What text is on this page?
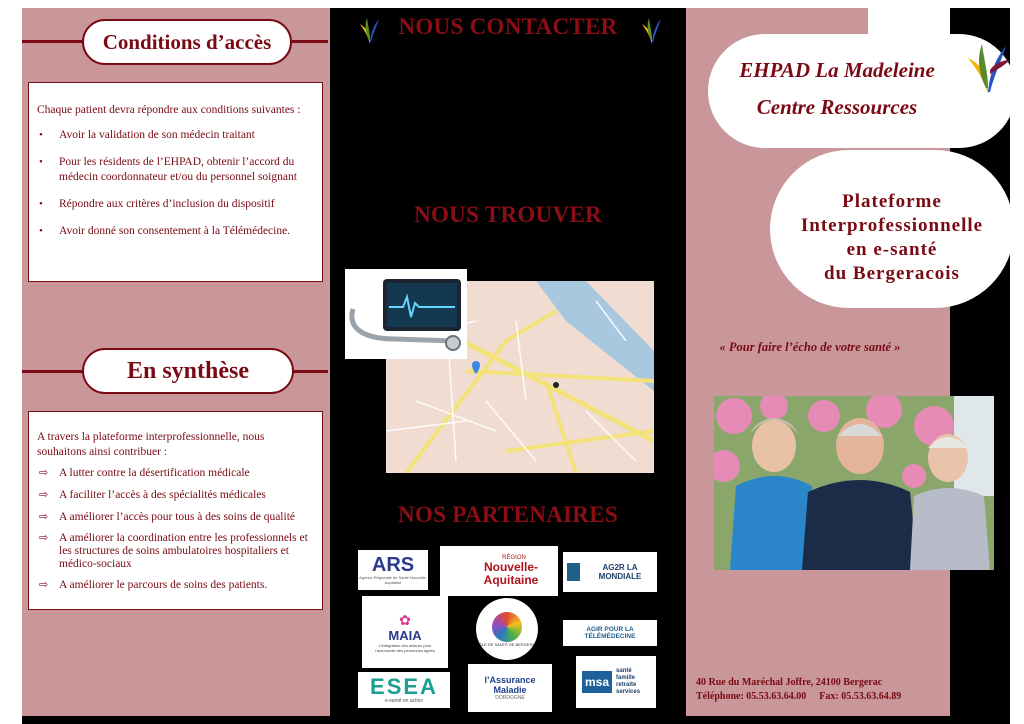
Conditions d’accès

Chaque patient devra répondre aux conditions suivantes :

• Avoir la validation de son médecin traitant
• Pour les résidents de l’EHPAD, obtenir l’accord du médecin coordonnateur et/ou du personnel soignant
• Répondre aux critères d’inclusion du dispositif
• Avoir donné son consentement à la Télémédecine.
En synthèse

A travers la plateforme interprofessionnelle, nous souhaitons ainsi contribuer :

⇨ A lutter contre la désertification médicale
⇨ A faciliter l’accès à des spécialités médicales
⇨ A améliorer l’accès pour tous à des soins de qualité
⇨ A améliorer la coordination entre les professionnels et les structures de soins ambulatoires hospitaliers et médico-sociaux
⇨ A améliorer le parcours de soins des patients.
NOUS CONTACTER
NOUS TROUVER
NOS PARTENAIRES
ARS
Agence Régionale de Santé Nouvelle-Aquitaine
RÉGION
Nouvelle-Aquitaine
AG2R LA MONDIALE
✿
MAIA
L’intégration des acteurs pour l’autonomie des personnes âgées
PÔLE DE SANTÉ DE BERGERAC
AGIR POUR LA TÉLÉMÉDECINE
ESEA
e-santé en action
l’Assurance Maladie
DORDOGNE
msa
santé famille retraite services
EHPAD La Madeleine
Centre Ressources
Plateforme
Interprofessionnelle
en e-santé
du Bergeracois
« Pour faire l’écho de votre santé »
40 Rue du Maréchal Joffre, 24100 Bergerac
Téléphone: 05.53.63.64.00 Fax: 05.53.63.64.89
